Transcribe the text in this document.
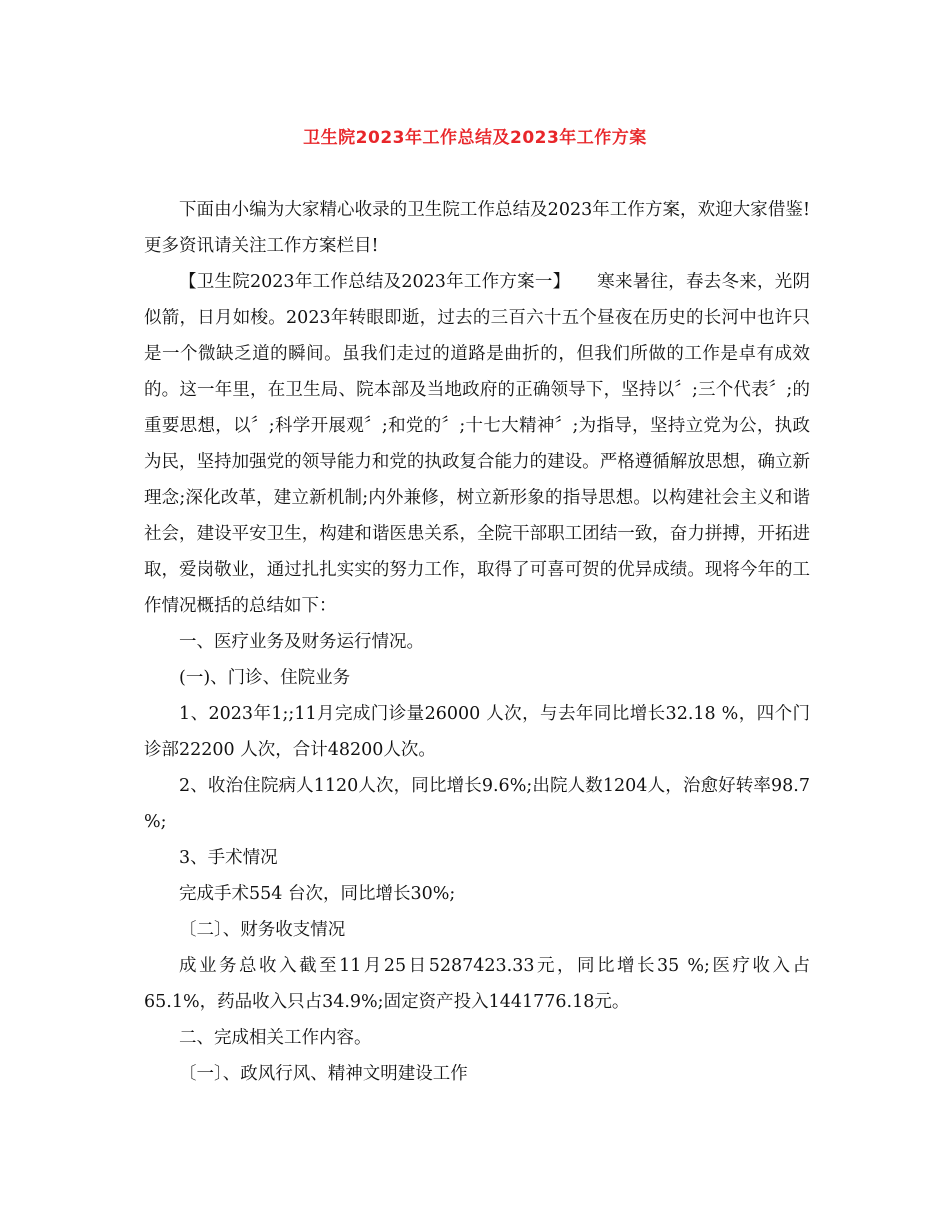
卫生院2023年工作总结及2023年工作方案

下面由小编为大家精心收录的卫生院工作总结及2023年工作方案，欢迎大家借鉴!更多资讯请关注工作方案栏目!

【卫生院2023年工作总结及2023年工作方案一】　　寒来暑往，春去冬来，光阴似箭，日月如梭。2023年转眼即逝，过去的三百六十五个昼夜在历史的长河中也许只是一个微缺乏道的瞬间。虽我们走过的道路是曲折的，但我们所做的工作是卓有成效的。这一年里，在卫生局、院本部及当地政府的正确领导下，坚持以〞;三个代表〞;的重要思想，以〞;科学开展观〞;和党的〞;十七大精神〞;为指导，坚持立党为公，执政为民，坚持加强党的领导能力和党的执政复合能力的建设。严格遵循解放思想，确立新理念;深化改革，建立新机制;内外兼修，树立新形象的指导思想。以构建社会主义和谐社会，建设平安卫生，构建和谐医患关系，全院干部职工团结一致，奋力拼搏，开拓进取，爱岗敬业，通过扎扎实实的努力工作，取得了可喜可贺的优异成绩。现将今年的工作情况概括的总结如下：

一、医疗业务及财务运行情况。

(一)、门诊、住院业务

1、2023年1;;11月完成门诊量26000 人次，与去年同比增长32.18 %，四个门诊部22200 人次，合计48200人次。

2、收治住院病人1120人次，同比增长9.6%;出院人数1204人，治愈好转率98.7 %;

3、手术情况

完成手术554 台次，同比增长30%;

〔二〕、财务收支情况

成业务总收入截至11月25日5287423.33元，同比增长35 %;医疗收入占65.1%，药品收入只占34.9%;固定资产投入1441776.18元。

二、完成相关工作内容。

〔一〕、政风行风、精神文明建设工作
